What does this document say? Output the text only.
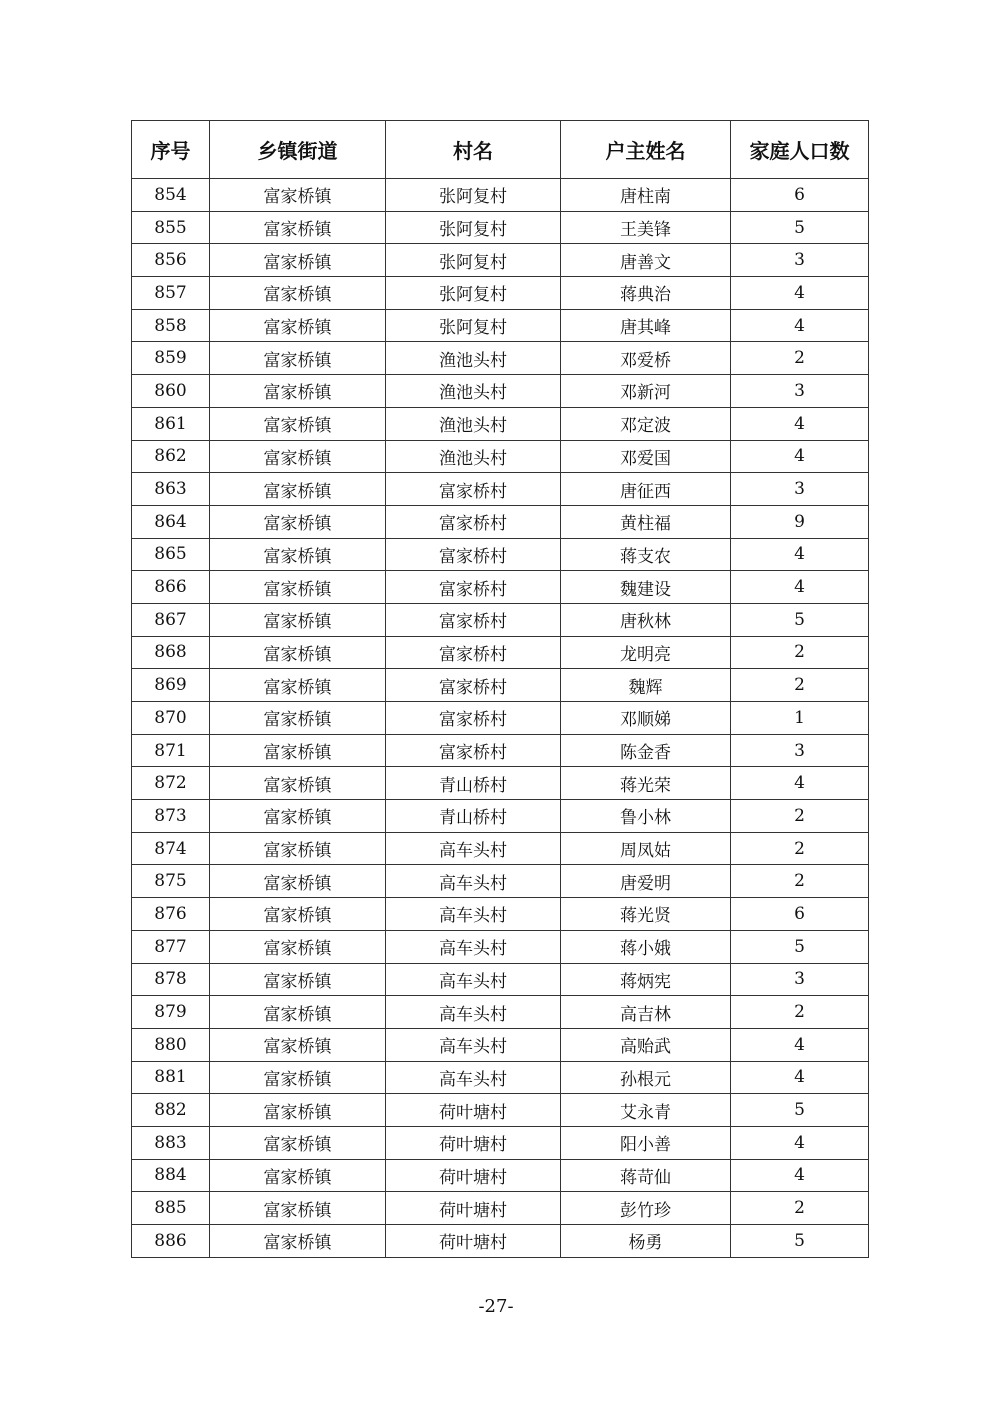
序号	乡镇街道	村名	户主姓名	家庭人口数
854	富家桥镇	张阿复村	唐柱南	6
855	富家桥镇	张阿复村	王美锋	5
856	富家桥镇	张阿复村	唐善文	3
857	富家桥镇	张阿复村	蒋典治	4
858	富家桥镇	张阿复村	唐其峰	4
859	富家桥镇	渔池头村	邓爱桥	2
860	富家桥镇	渔池头村	邓新河	3
861	富家桥镇	渔池头村	邓定波	4
862	富家桥镇	渔池头村	邓爱国	4
863	富家桥镇	富家桥村	唐征西	3
864	富家桥镇	富家桥村	黄柱福	9
865	富家桥镇	富家桥村	蒋支农	4
866	富家桥镇	富家桥村	魏建设	4
867	富家桥镇	富家桥村	唐秋林	5
868	富家桥镇	富家桥村	龙明亮	2
869	富家桥镇	富家桥村	魏辉	2
870	富家桥镇	富家桥村	邓顺娣	1
871	富家桥镇	富家桥村	陈金香	3
872	富家桥镇	青山桥村	蒋光荣	4
873	富家桥镇	青山桥村	鲁小林	2
874	富家桥镇	高车头村	周凤姑	2
875	富家桥镇	高车头村	唐爱明	2
876	富家桥镇	高车头村	蒋光贤	6
877	富家桥镇	高车头村	蒋小娥	5
878	富家桥镇	高车头村	蒋炳宪	3
879	富家桥镇	高车头村	高吉林	2
880	富家桥镇	高车头村	高贻武	4
881	富家桥镇	高车头村	孙根元	4
882	富家桥镇	荷叶塘村	艾永青	5
883	富家桥镇	荷叶塘村	阳小善	4
884	富家桥镇	荷叶塘村	蒋苛仙	4
885	富家桥镇	荷叶塘村	彭竹珍	2
886	富家桥镇	荷叶塘村	杨勇	5
-27-
